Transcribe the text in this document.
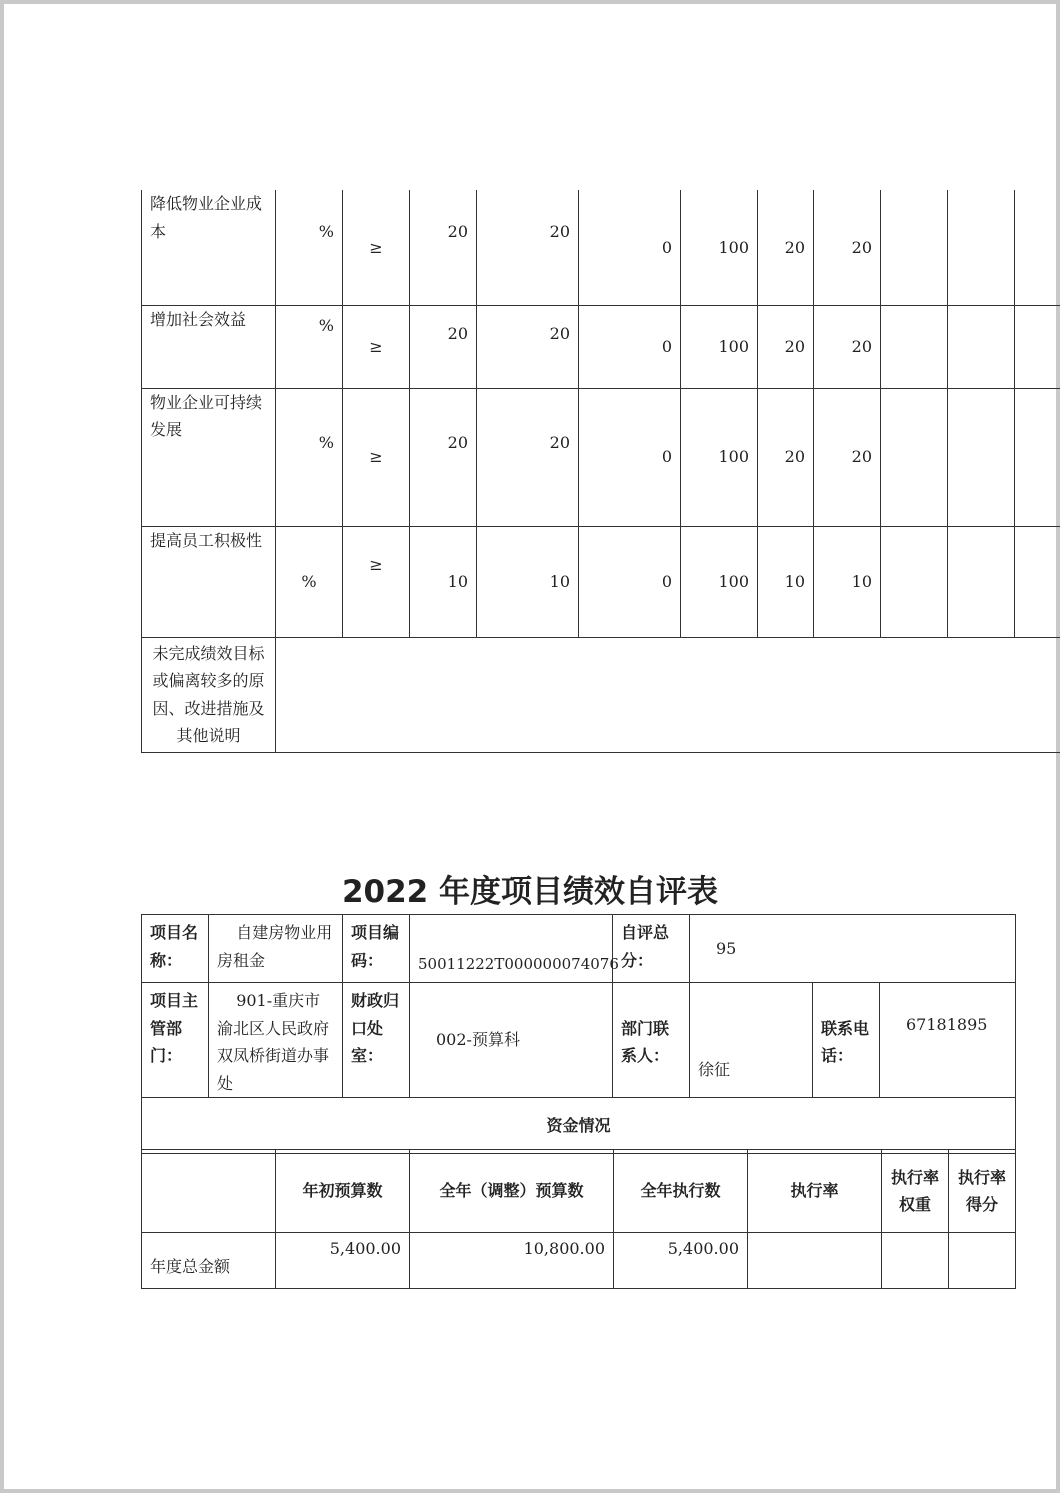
降低物业企业成本	%	≥	20	20	0	100	20	20			
增加社会效益	%	≥	20	20	0	100	20	20			
物业企业可持续发展	%	≥	20	20	0	100	20	20			
提高员工积极性	%	≥	10	10	0	100	10	10			
未完成绩效目标或偏离较多的原因、改进措施及其他说明											
2022 年度项目绩效自评表
项目名称：	自建房物业用房租金	项目编码：	50011222T000000074076	自评总分：	95		
项目主管部门：	901-重庆市渝北区人民政府双凤桥街道办事处	财政归口处室：	002-预算科	部门联系人：	徐征	联系电话：	67181895
资金情况							
	年初预算数	全年（调整）预算数	全年执行数	执行率	执行率权重	执行率得分
年度总金额	5,400.00	10,800.00	5,400.00			
